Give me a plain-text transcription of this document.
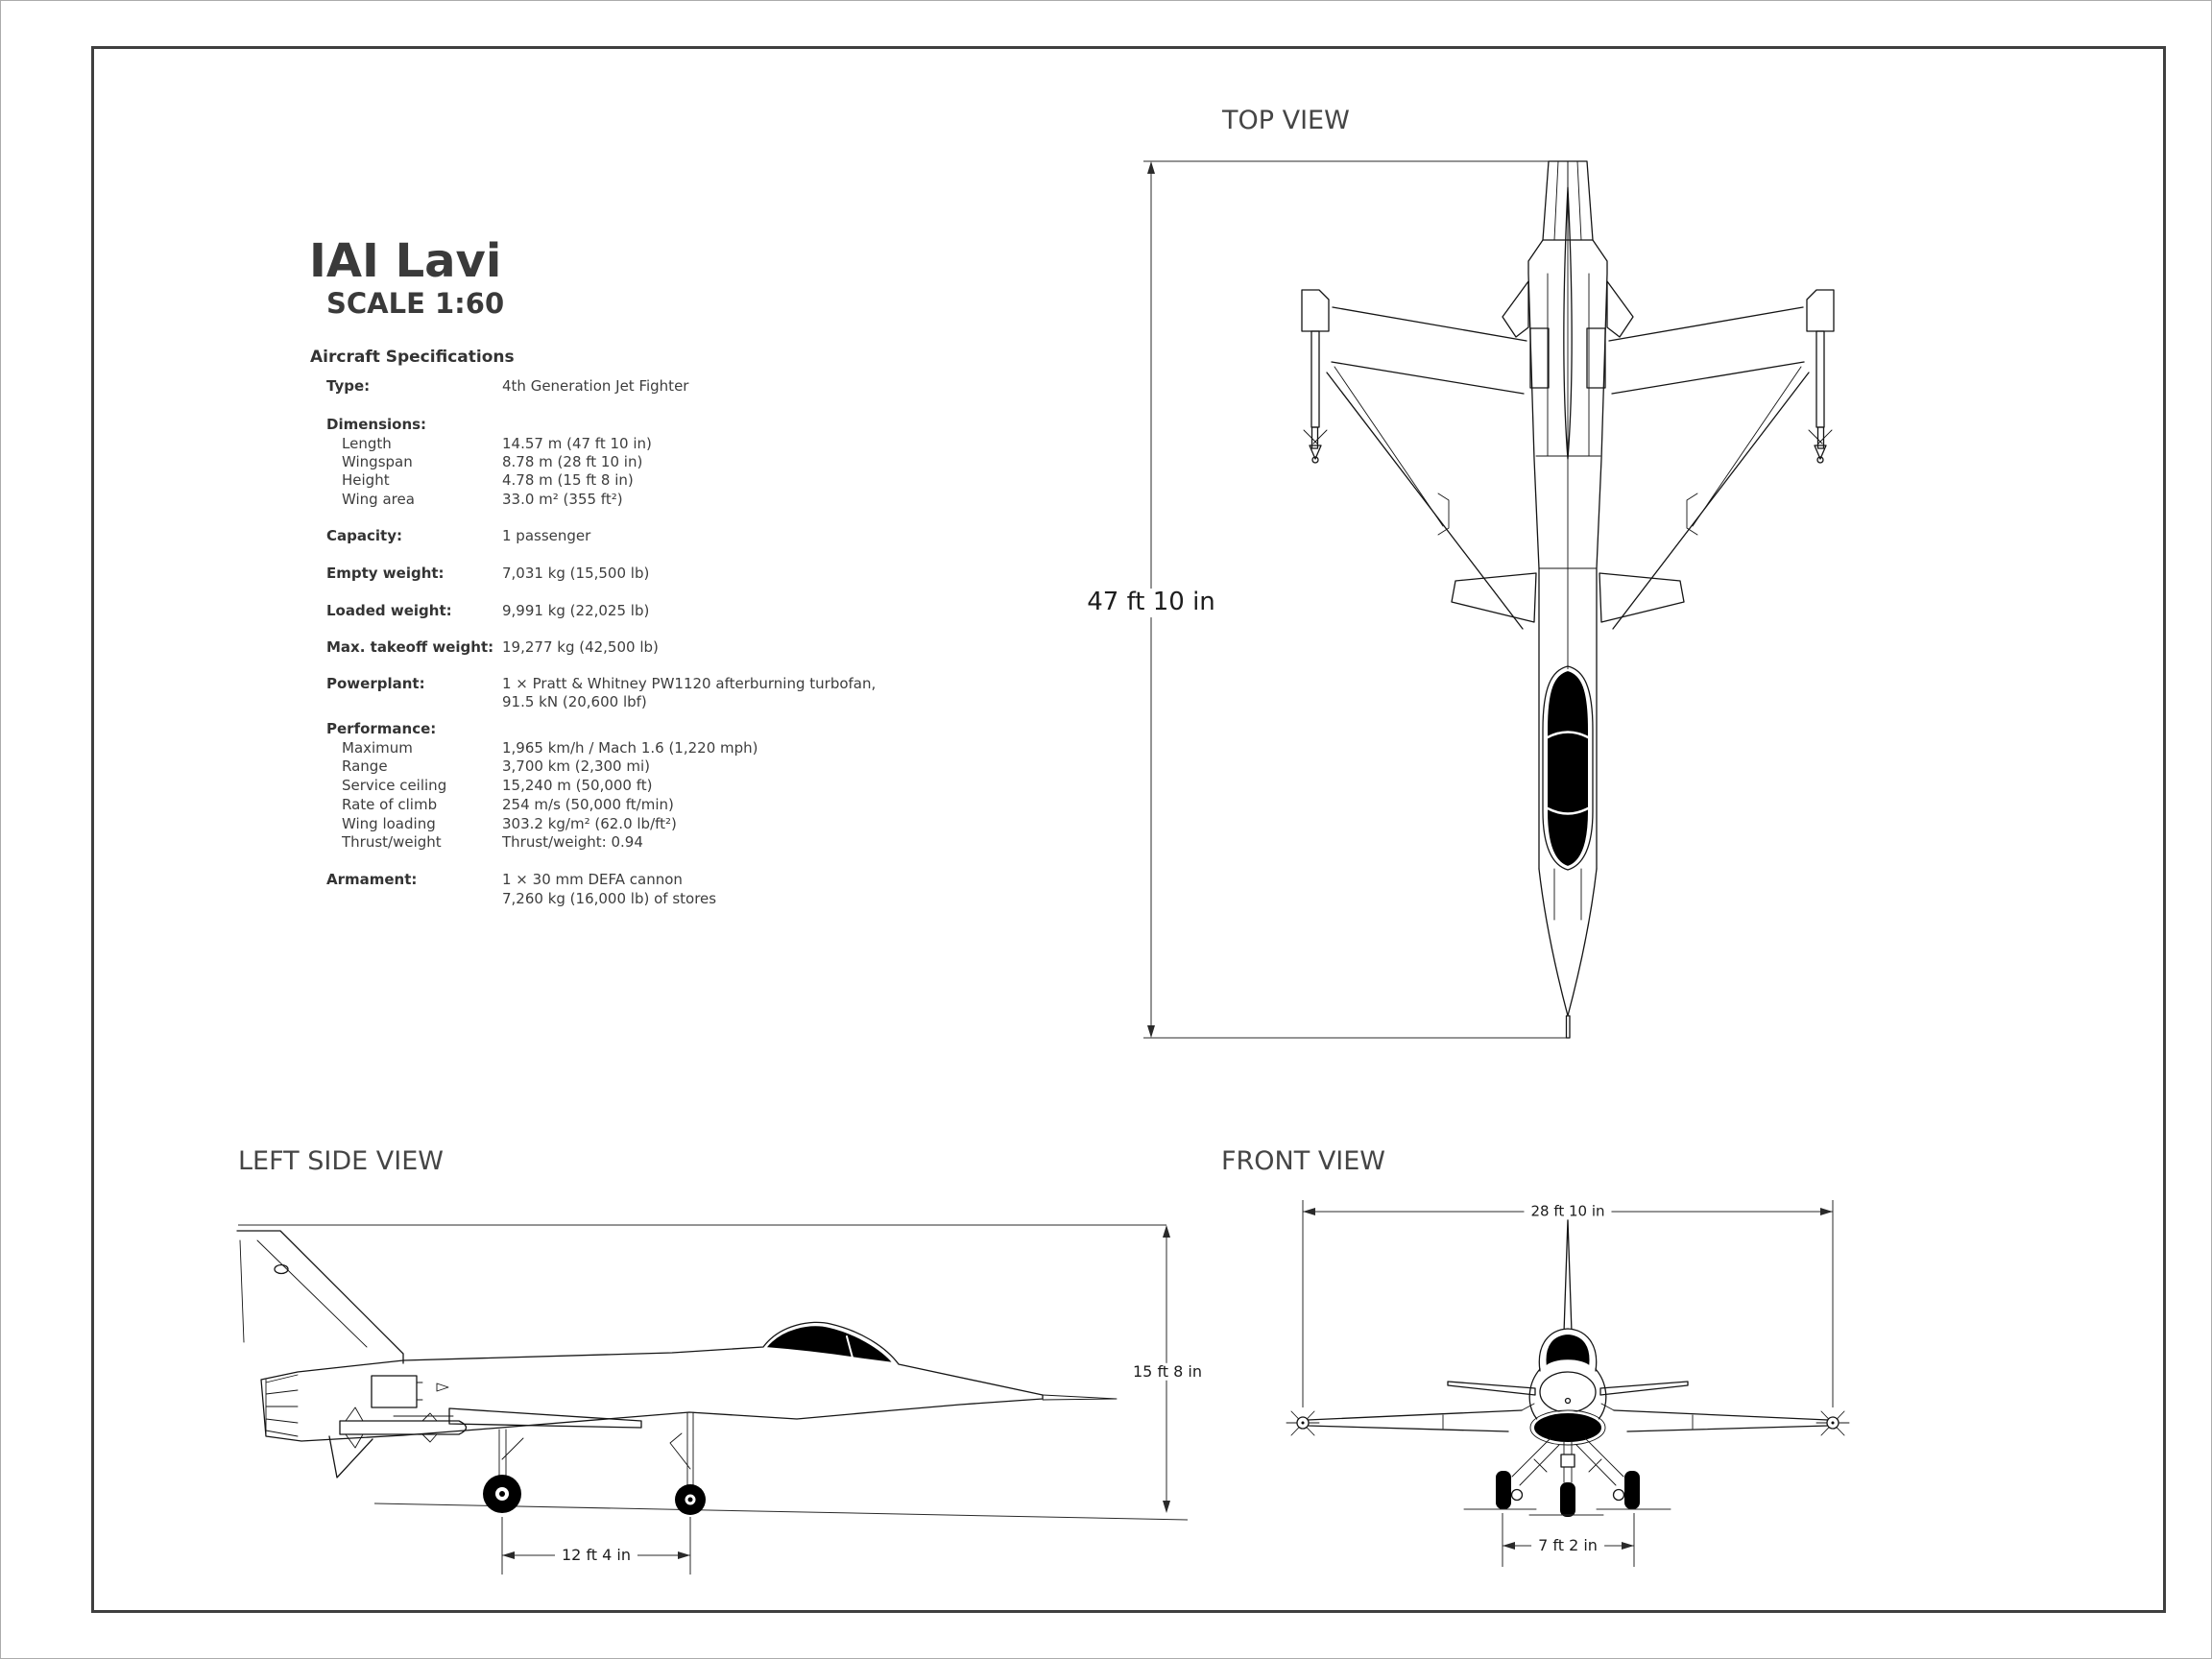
IAI Lavi
SCALE 1:60
Aircraft Specifications
Type:	4th Generation Jet Fighter
Dimensions:
Length	14.57 m (47 ft 10 in)
Wingspan	8.78 m (28 ft 10 in)
Height	4.78 m (15 ft 8 in)
Wing area	33.0 m² (355 ft²)
Capacity:	1 passenger
Empty weight:	7,031 kg (15,500 lb)
Loaded weight:	9,991 kg (22,025 lb)
Max. takeoff weight: 19,277 kg (42,500 lb)
Powerplant:	1 × Pratt & Whitney PW1120 afterburning turbofan,
91.5 kN (20,600 lbf)
Performance:
Maximum	1,965 km/h / Mach 1.6 (1,220 mph)
Range	3,700 km (2,300 mi)
Service ceiling	15,240 m (50,000 ft)
Rate of climb	254 m/s (50,000 ft/min)
Wing loading	303.2 kg/m² (62.0 lb/ft²)
Thrust/weight	Thrust/weight: 0.94
Armament:	1 × 30 mm DEFA cannon
7,260 kg (16,000 lb) of stores
TOP VIEW
LEFT SIDE VIEW	FRONT VIEW
47 ft 10 in
15 ft 8 in
12 ft 4 in
28 ft 10 in
7 ft 2 in
